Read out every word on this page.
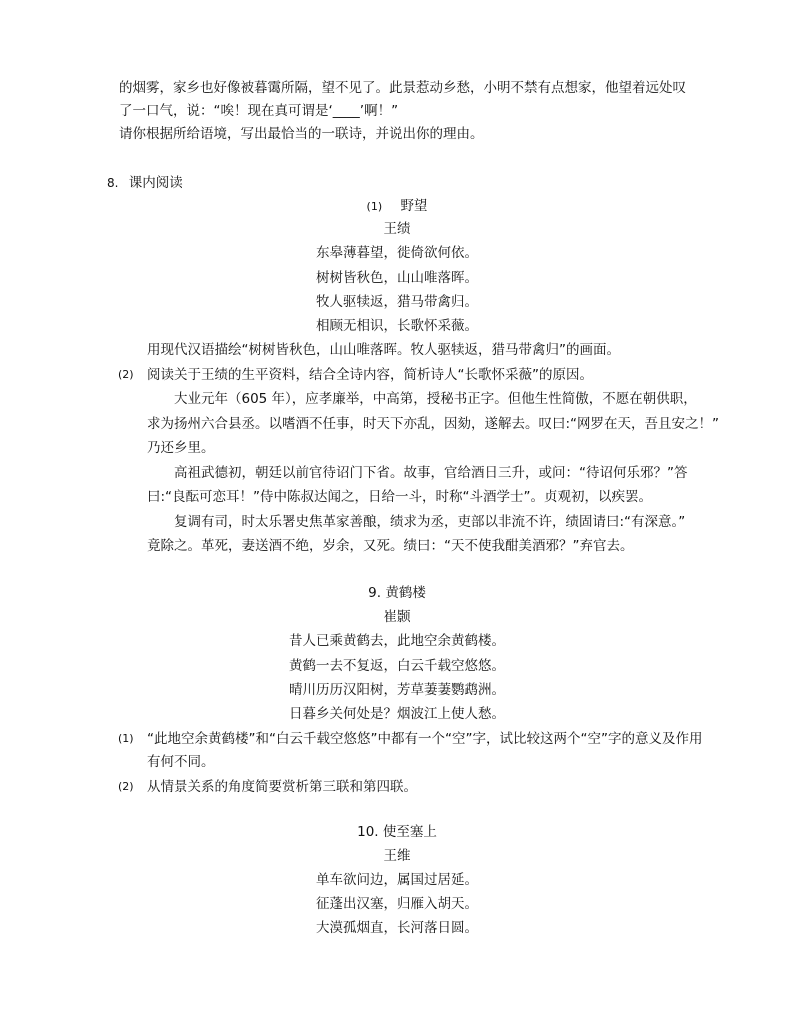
的烟雾，家乡也好像被暮霭所隔，望不见了。此景惹动乡愁，小明不禁有点想家，他望着远处叹
了一口气，说：“唉！现在真可谓是‘____’啊！”
请你根据所给语境，写出最恰当的一联诗，并说出你的理由。
8. 课内阅读
(1) 野望
王绩
东皋薄暮望，徙倚欲何依。
树树皆秋色，山山唯落晖。
牧人驱犊返，猎马带禽归。
相顾无相识，长歌怀采薇。
用现代汉语描绘“树树皆秋色，山山唯落晖。牧人驱犊返，猎马带禽归”的画面。
(2) 阅读关于王绩的生平资料，结合全诗内容，简析诗人“长歌怀采薇”的原因。
大业元年（605 年），应孝廉举，中高第，授秘书正字。但他生性简傲，不愿在朝供职，
求为扬州六合县丞。以嗜酒不任事，时天下亦乱，因劾，遂解去。叹曰:“网罗在天，吾且安之！”
乃还乡里。
高祖武德初，朝廷以前官待诏门下省。故事，官给酒日三升，或问：“待诏何乐邪？”答
曰:“良酝可恋耳！”侍中陈叔达闻之，日给一斗，时称“斗酒学士”。贞观初，以疾罢。
复调有司，时太乐署史焦革家善酿，绩求为丞，吏部以非流不许，绩固请曰:“有深意。”
竟除之。革死，妻送酒不绝，岁余，又死。绩曰：“天不使我酣美酒邪？”弃官去。
9. 黄鹤楼
崔颢
昔人已乘黄鹤去，此地空余黄鹤楼。
黄鹤一去不复返，白云千载空悠悠。
晴川历历汉阳树，芳草萋萋鹦鹉洲。
日暮乡关何处是？烟波江上使人愁。
(1) “此地空余黄鹤楼”和“白云千载空悠悠”中都有一个“空”字，试比较这两个“空”字的意义及作用
有何不同。
(2) 从情景关系的角度简要赏析第三联和第四联。
10. 使至塞上
王维
单车欲问边，属国过居延。
征蓬出汉塞，归雁入胡天。
大漠孤烟直，长河落日圆。
